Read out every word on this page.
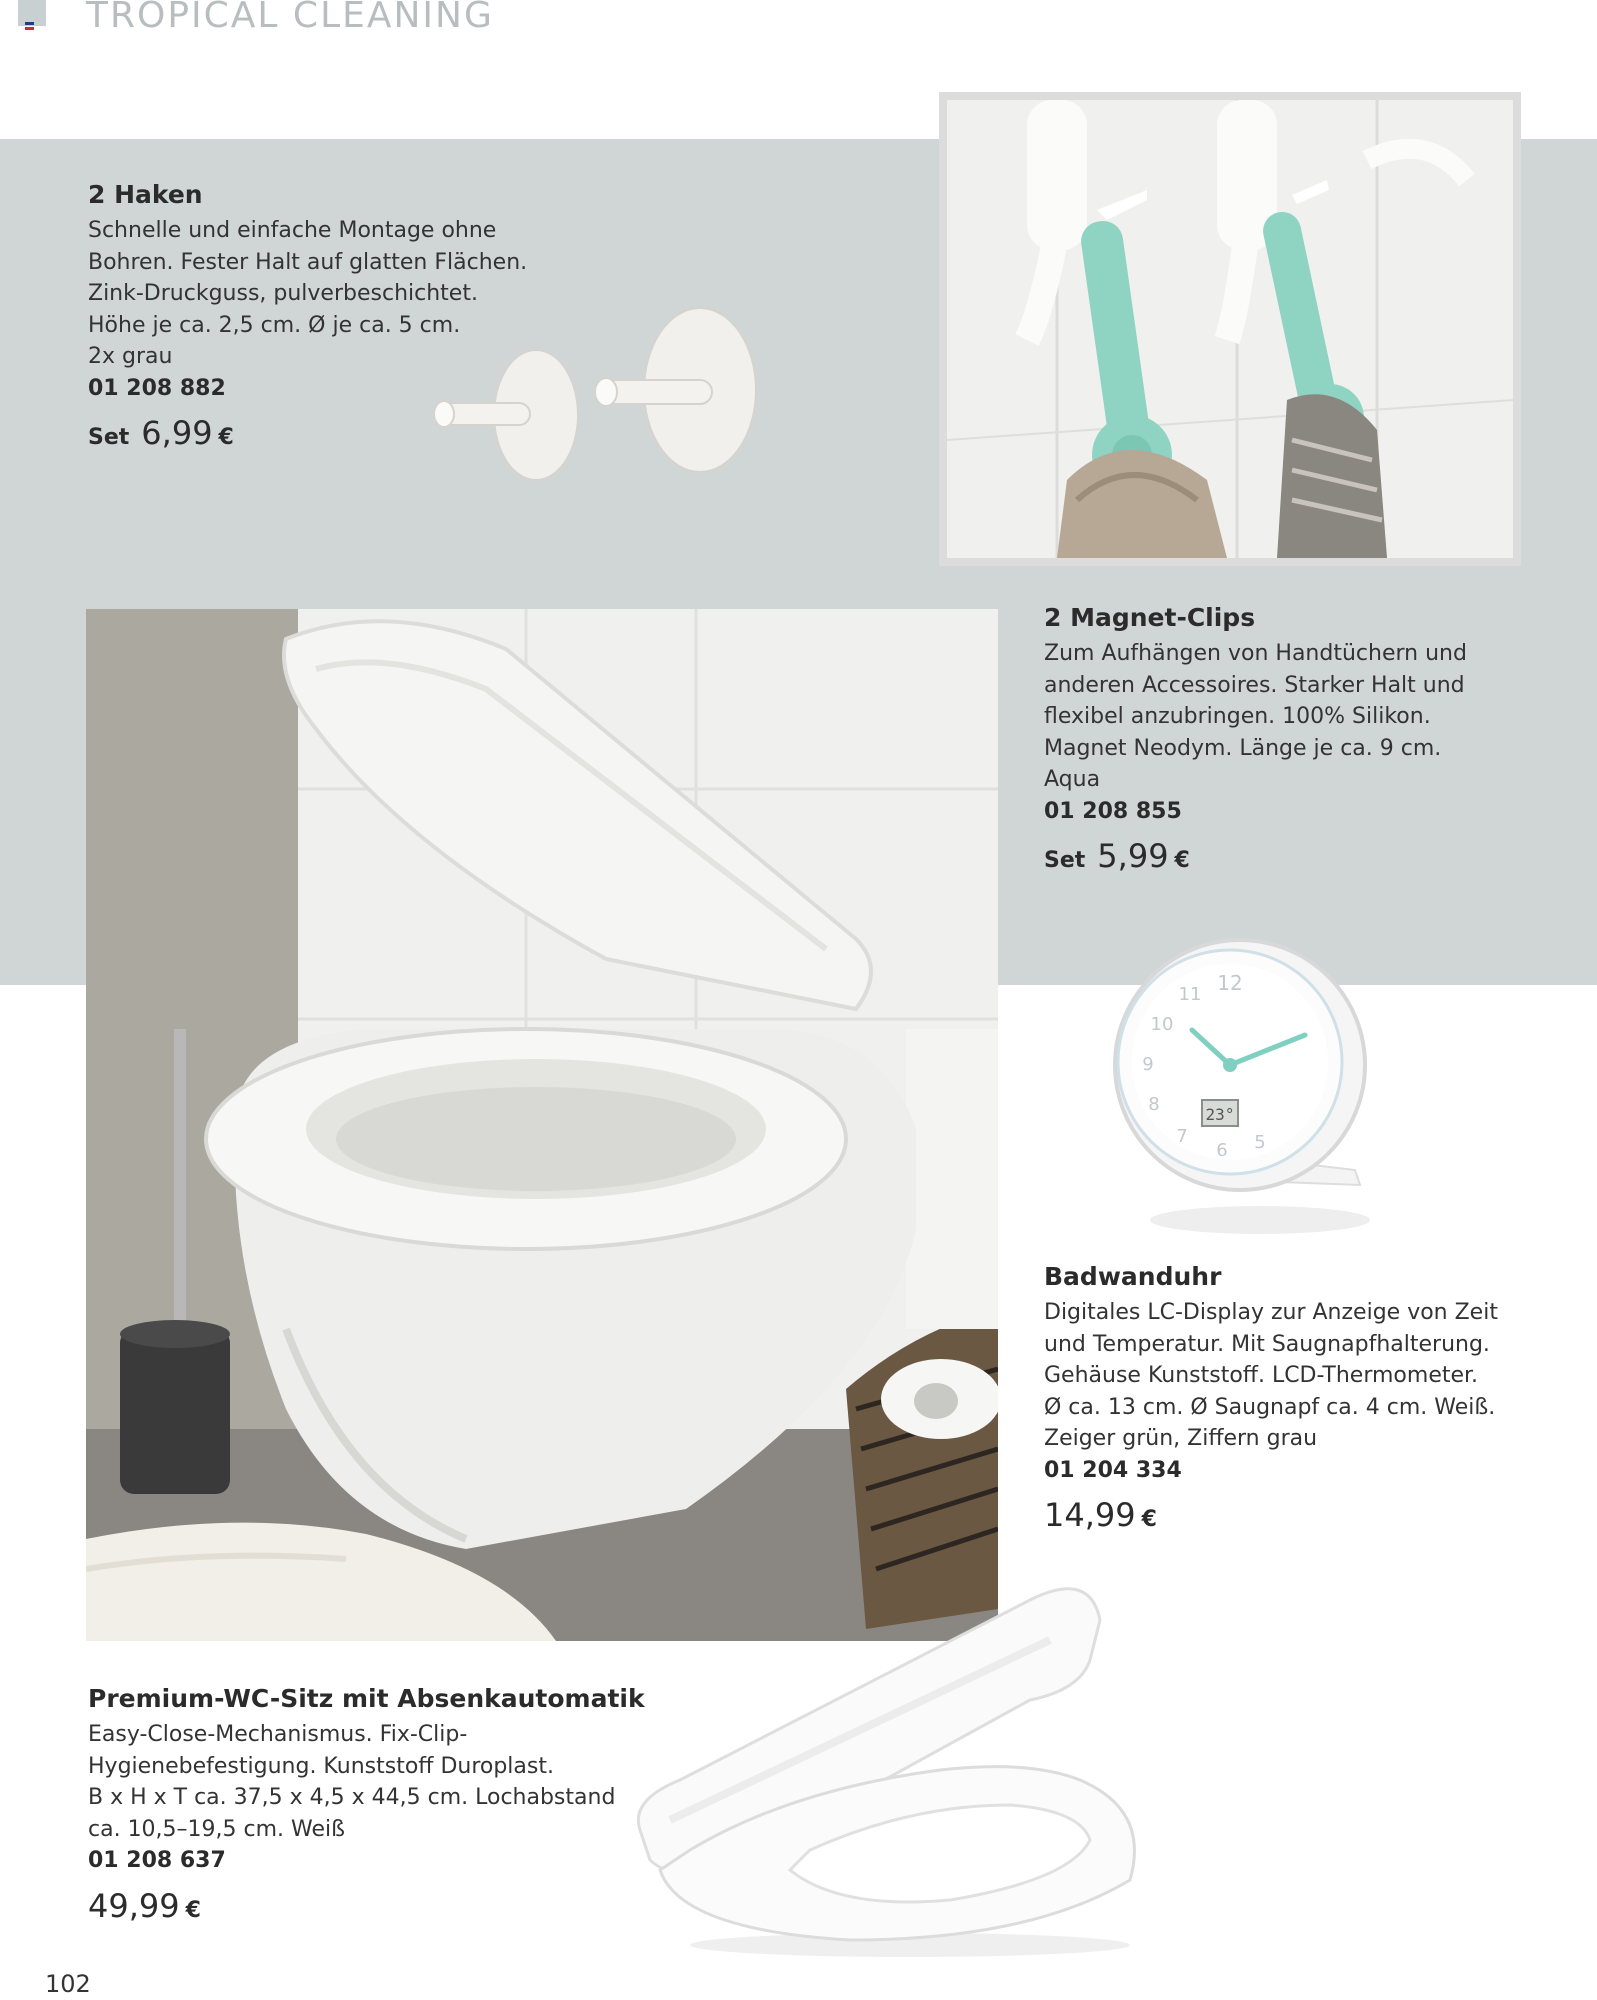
TROPICAL CLEANING
2 Haken
Schnelle und einfache Montage ohne
Bohren. Fester Halt auf glatten Flächen.
Zink-Druckguss, pulverbeschichtet.
Höhe je ca. 2,5 cm. Ø je ca. 5 cm.
2x grau
01 208 882
Set 6,99 €
2 Magnet-Clips
Zum Aufhängen von Handtüchern und
anderen Accessoires. Starker Halt und
flexibel anzubringen. 100% Silikon.
Magnet Neodym. Länge je ca. 9 cm.
Aqua
01 208 855
Set 5,99 €
12
11
10
9
8
7
6 5
23°
Badwanduhr
Digitales LC-Display zur Anzeige von Zeit
und Temperatur. Mit Saugnapfhalterung.
Gehäuse Kunststoff. LCD-Thermometer.
Ø ca. 13 cm. Ø Saugnapf ca. 4 cm. Weiß.
Zeiger grün, Ziffern grau
01 204 334
14,99 €
Premium-WC-Sitz mit Absenkautomatik
Easy-Close-Mechanismus. Fix-Clip-
Hygienebefestigung. Kunststoff Duroplast.
B x H x T ca. 37,5 x 4,5 x 44,5 cm. Lochabstand
ca. 10,5–19,5 cm. Weiß
01 208 637
49,99 €
102
